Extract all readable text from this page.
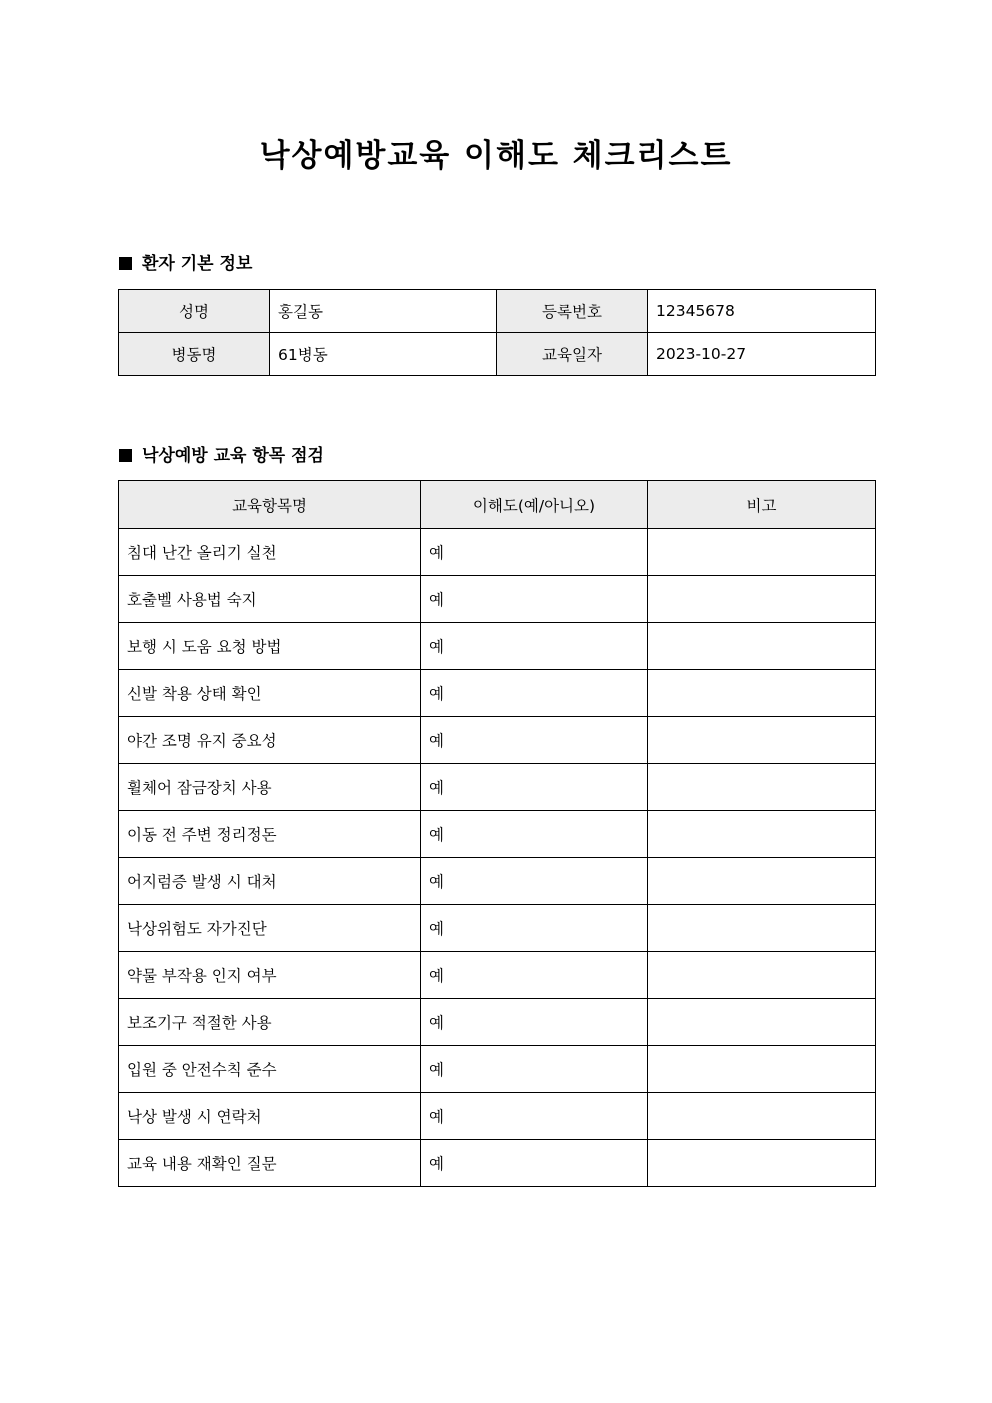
낙상예방교육 이해도 체크리스트
환자 기본 정보
성명	홍길동	등록번호	12345678
병동명	61병동	교육일자	2023-10-27
낙상예방 교육 항목 점검
교육항목명	이해도(예/아니오)	비고
침대 난간 올리기 실천	예	
호출벨 사용법 숙지	예	
보행 시 도움 요청 방법	예	
신발 착용 상태 확인	예	
야간 조명 유지 중요성	예	
휠체어 잠금장치 사용	예	
이동 전 주변 정리정돈	예	
어지럼증 발생 시 대처	예	
낙상위험도 자가진단	예	
약물 부작용 인지 여부	예	
보조기구 적절한 사용	예	
입원 중 안전수칙 준수	예	
낙상 발생 시 연락처	예	
교육 내용 재확인 질문	예	
